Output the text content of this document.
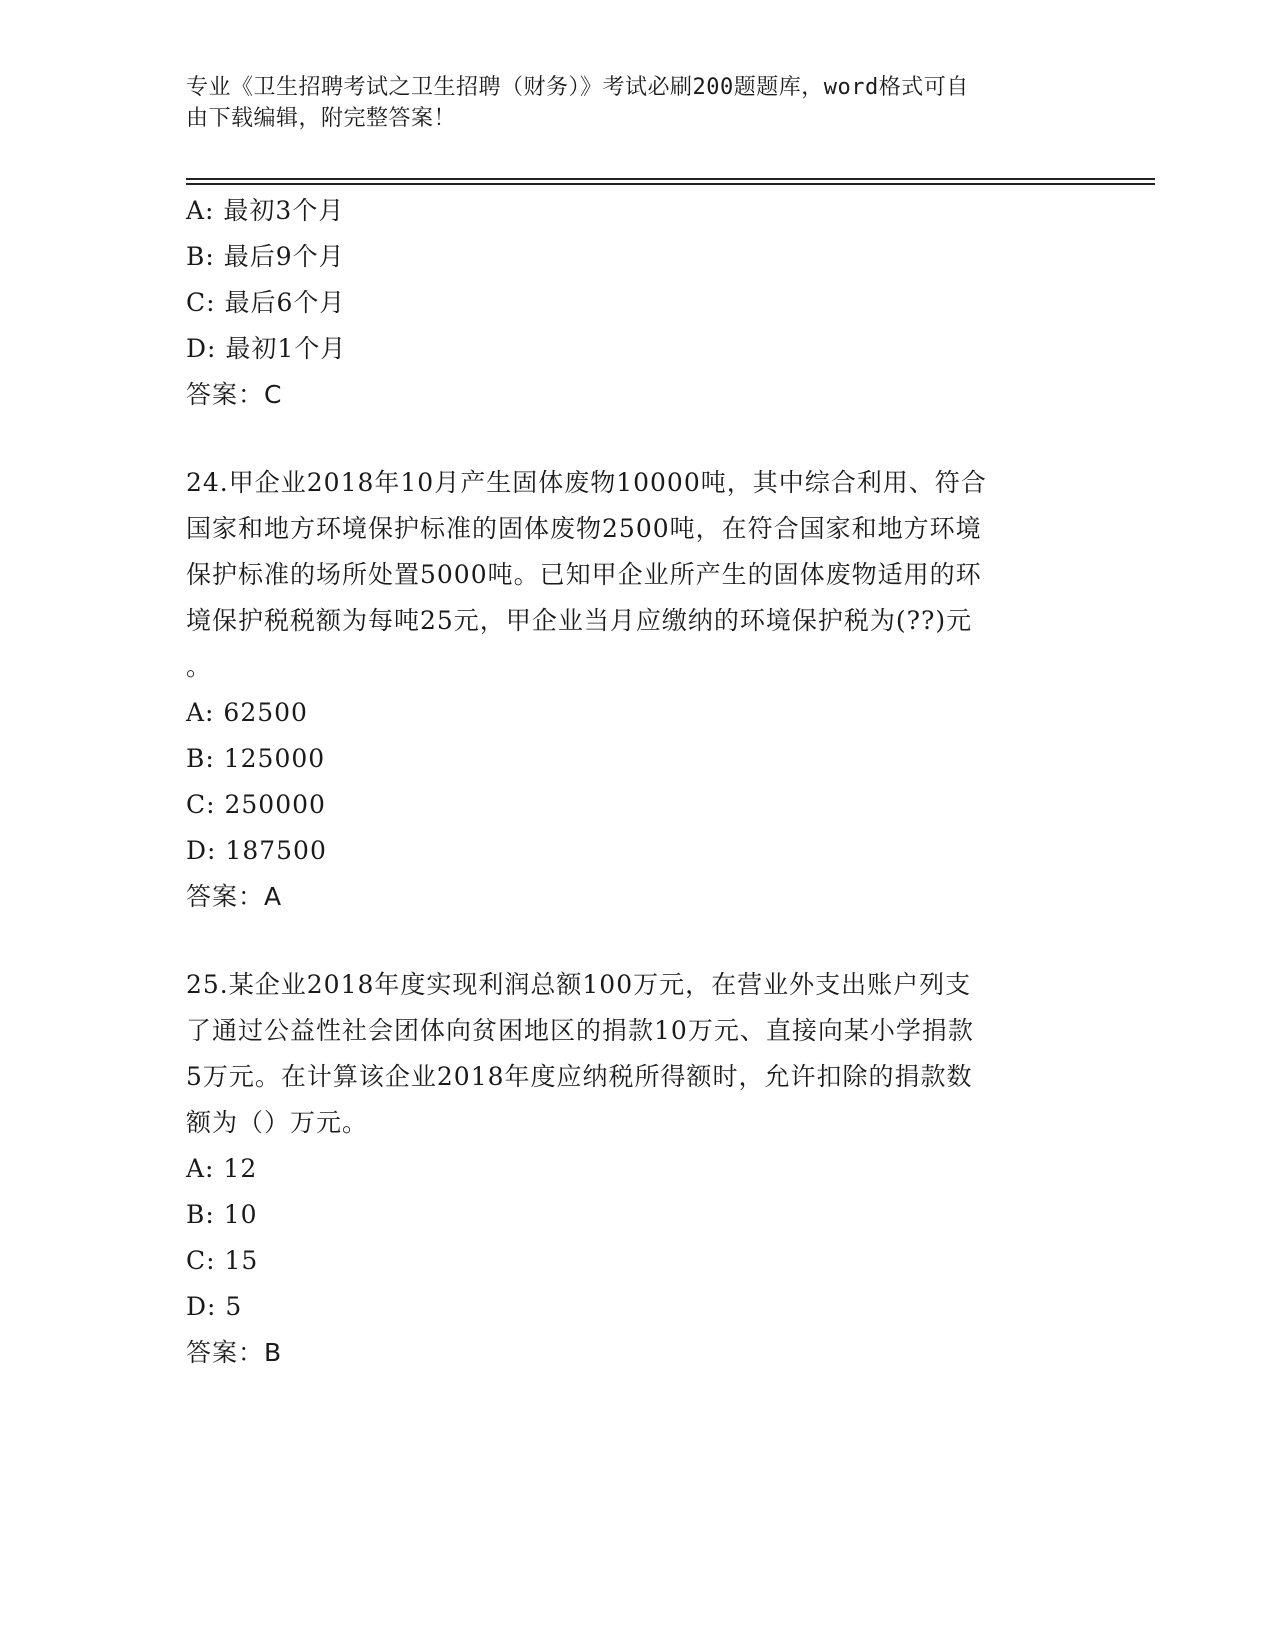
专业《卫生招聘考试之卫生招聘（财务）》考试必刷200题题库，word格式可自
由下载编辑，附完整答案！
A: 最初3个月
B: 最后9个月
C: 最后6个月
D: 最初1个月
答案：C
24.甲企业2018年10月产生固体废物10000吨，其中综合利用、符合
国家和地方环境保护标准的固体废物2500吨，在符合国家和地方环境
保护标准的场所处置5000吨。已知甲企业所产生的固体废物适用的环
境保护税税额为每吨25元，甲企业当月应缴纳的环境保护税为(??)元
。
A: 62500
B: 125000
C: 250000
D: 187500
答案：A
25.某企业2018年度实现利润总额100万元，在营业外支出账户列支
了通过公益性社会团体向贫困地区的捐款10万元、直接向某小学捐款
5万元。在计算该企业2018年度应纳税所得额时，允许扣除的捐款数
额为（）万元。
A: 12
B: 10
C: 15
D: 5
答案：B
